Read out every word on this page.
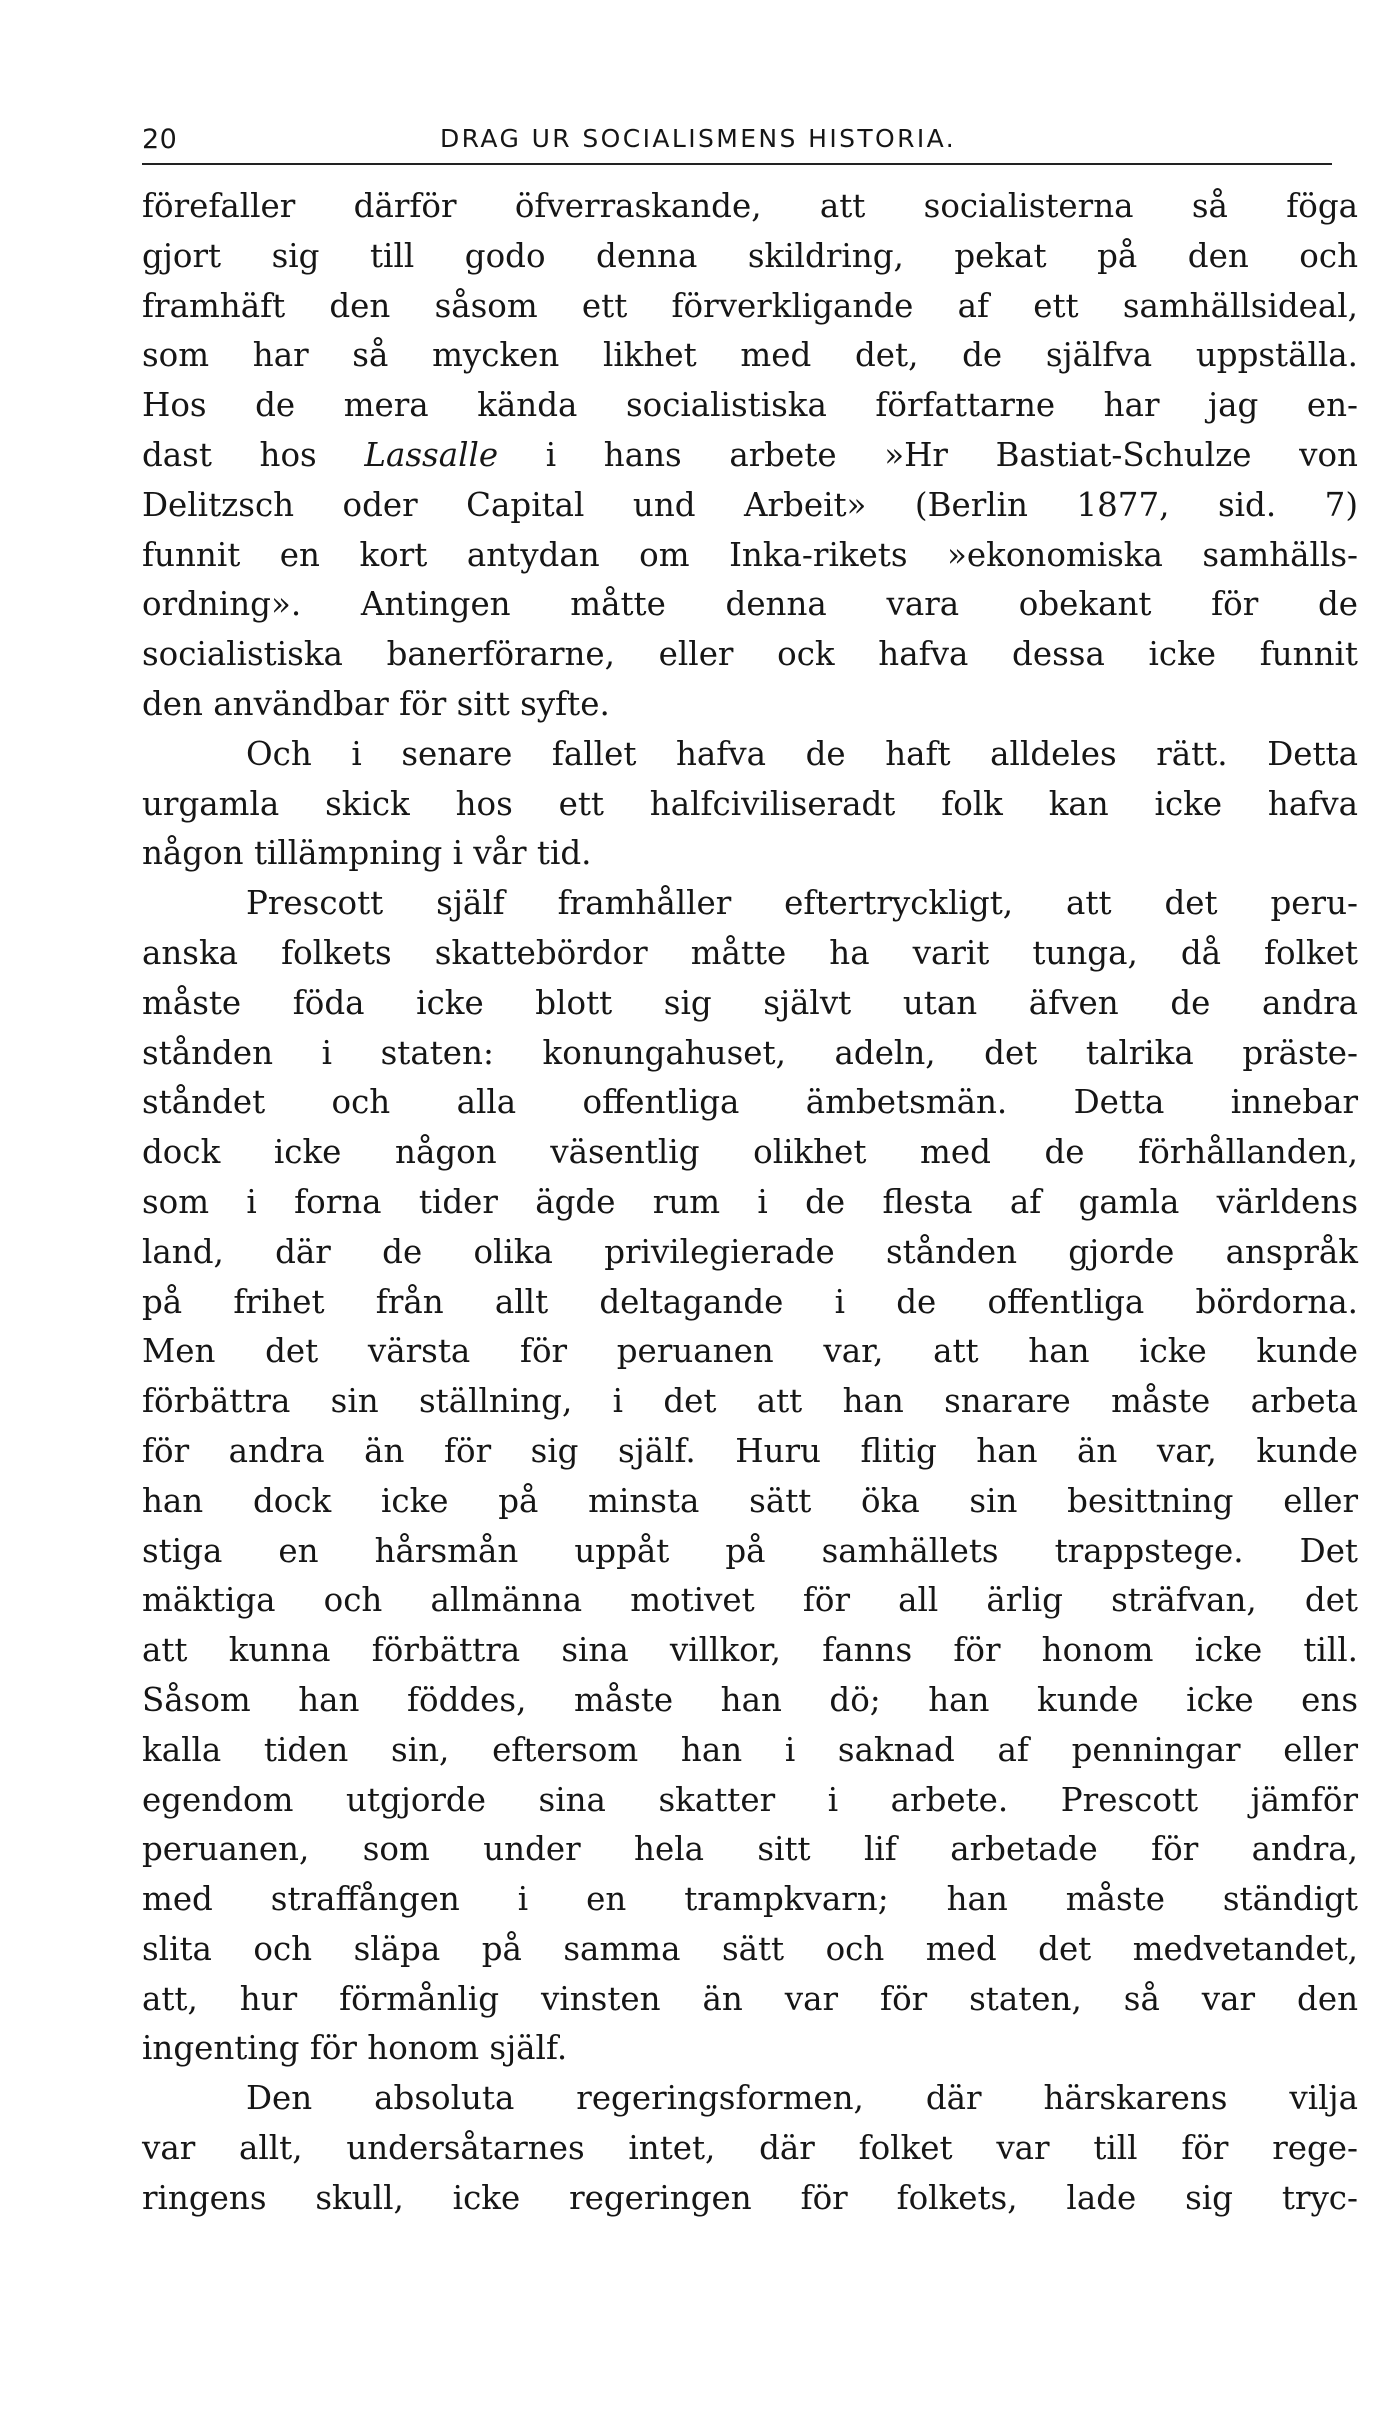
20	DRAG UR SOCIALISMENS HISTORIA.
förefaller därför öfverraskande, att socialisterna så föga
gjort sig till godo denna skildring, pekat på den och
framhäft den såsom ett förverkligande af ett samhällsideal,
som har så mycken likhet med det, de själfva uppställa.
Hos de mera kända socialistiska författarne har jag en-
dast hos Lassalle i hans arbete »Hr Bastiat-Schulze von
Delitzsch oder Capital und Arbeit» (Berlin 1877, sid. 7)
funnit en kort antydan om Inka-rikets »ekonomiska samhälls-
ordning». Antingen måtte denna vara obekant för de
socialistiska banerförarne, eller ock hafva dessa icke funnit
den användbar för sitt syfte.
Och i senare fallet hafva de haft alldeles rätt. Detta
urgamla skick hos ett halfciviliseradt folk kan icke hafva
någon tillämpning i vår tid.
Prescott själf framhåller eftertryckligt, att det peru-
anska folkets skattebördor måtte ha varit tunga, då folket
måste föda icke blott sig självt utan äfven de andra
stånden i staten: konungahuset, adeln, det talrika präste-
ståndet och alla offentliga ämbetsmän. Detta innebar
dock icke någon väsentlig olikhet med de förhållanden,
som i forna tider ägde rum i de flesta af gamla världens
land, där de olika privilegierade stånden gjorde anspråk
på frihet från allt deltagande i de offentliga bördorna.
Men det värsta för peruanen var, att han icke kunde
förbättra sin ställning, i det att han snarare måste arbeta
för andra än för sig själf. Huru flitig han än var, kunde
han dock icke på minsta sätt öka sin besittning eller
stiga en hårsmån uppåt på samhällets trappstege. Det
mäktiga och allmänna motivet för all ärlig sträfvan, det
att kunna förbättra sina villkor, fanns för honom icke till.
Såsom han föddes, måste han dö; han kunde icke ens
kalla tiden sin, eftersom han i saknad af penningar eller
egendom utgjorde sina skatter i arbete. Prescott jämför
peruanen, som under hela sitt lif arbetade för andra,
med straffången i en trampkvarn; han måste ständigt
slita och släpa på samma sätt och med det medvetandet,
att, hur förmånlig vinsten än var för staten, så var den
ingenting för honom själf.
Den absoluta regeringsformen, där härskarens vilja
var allt, undersåtarnes intet, där folket var till för rege-
ringens skull, icke regeringen för folkets, lade sig tryc-
